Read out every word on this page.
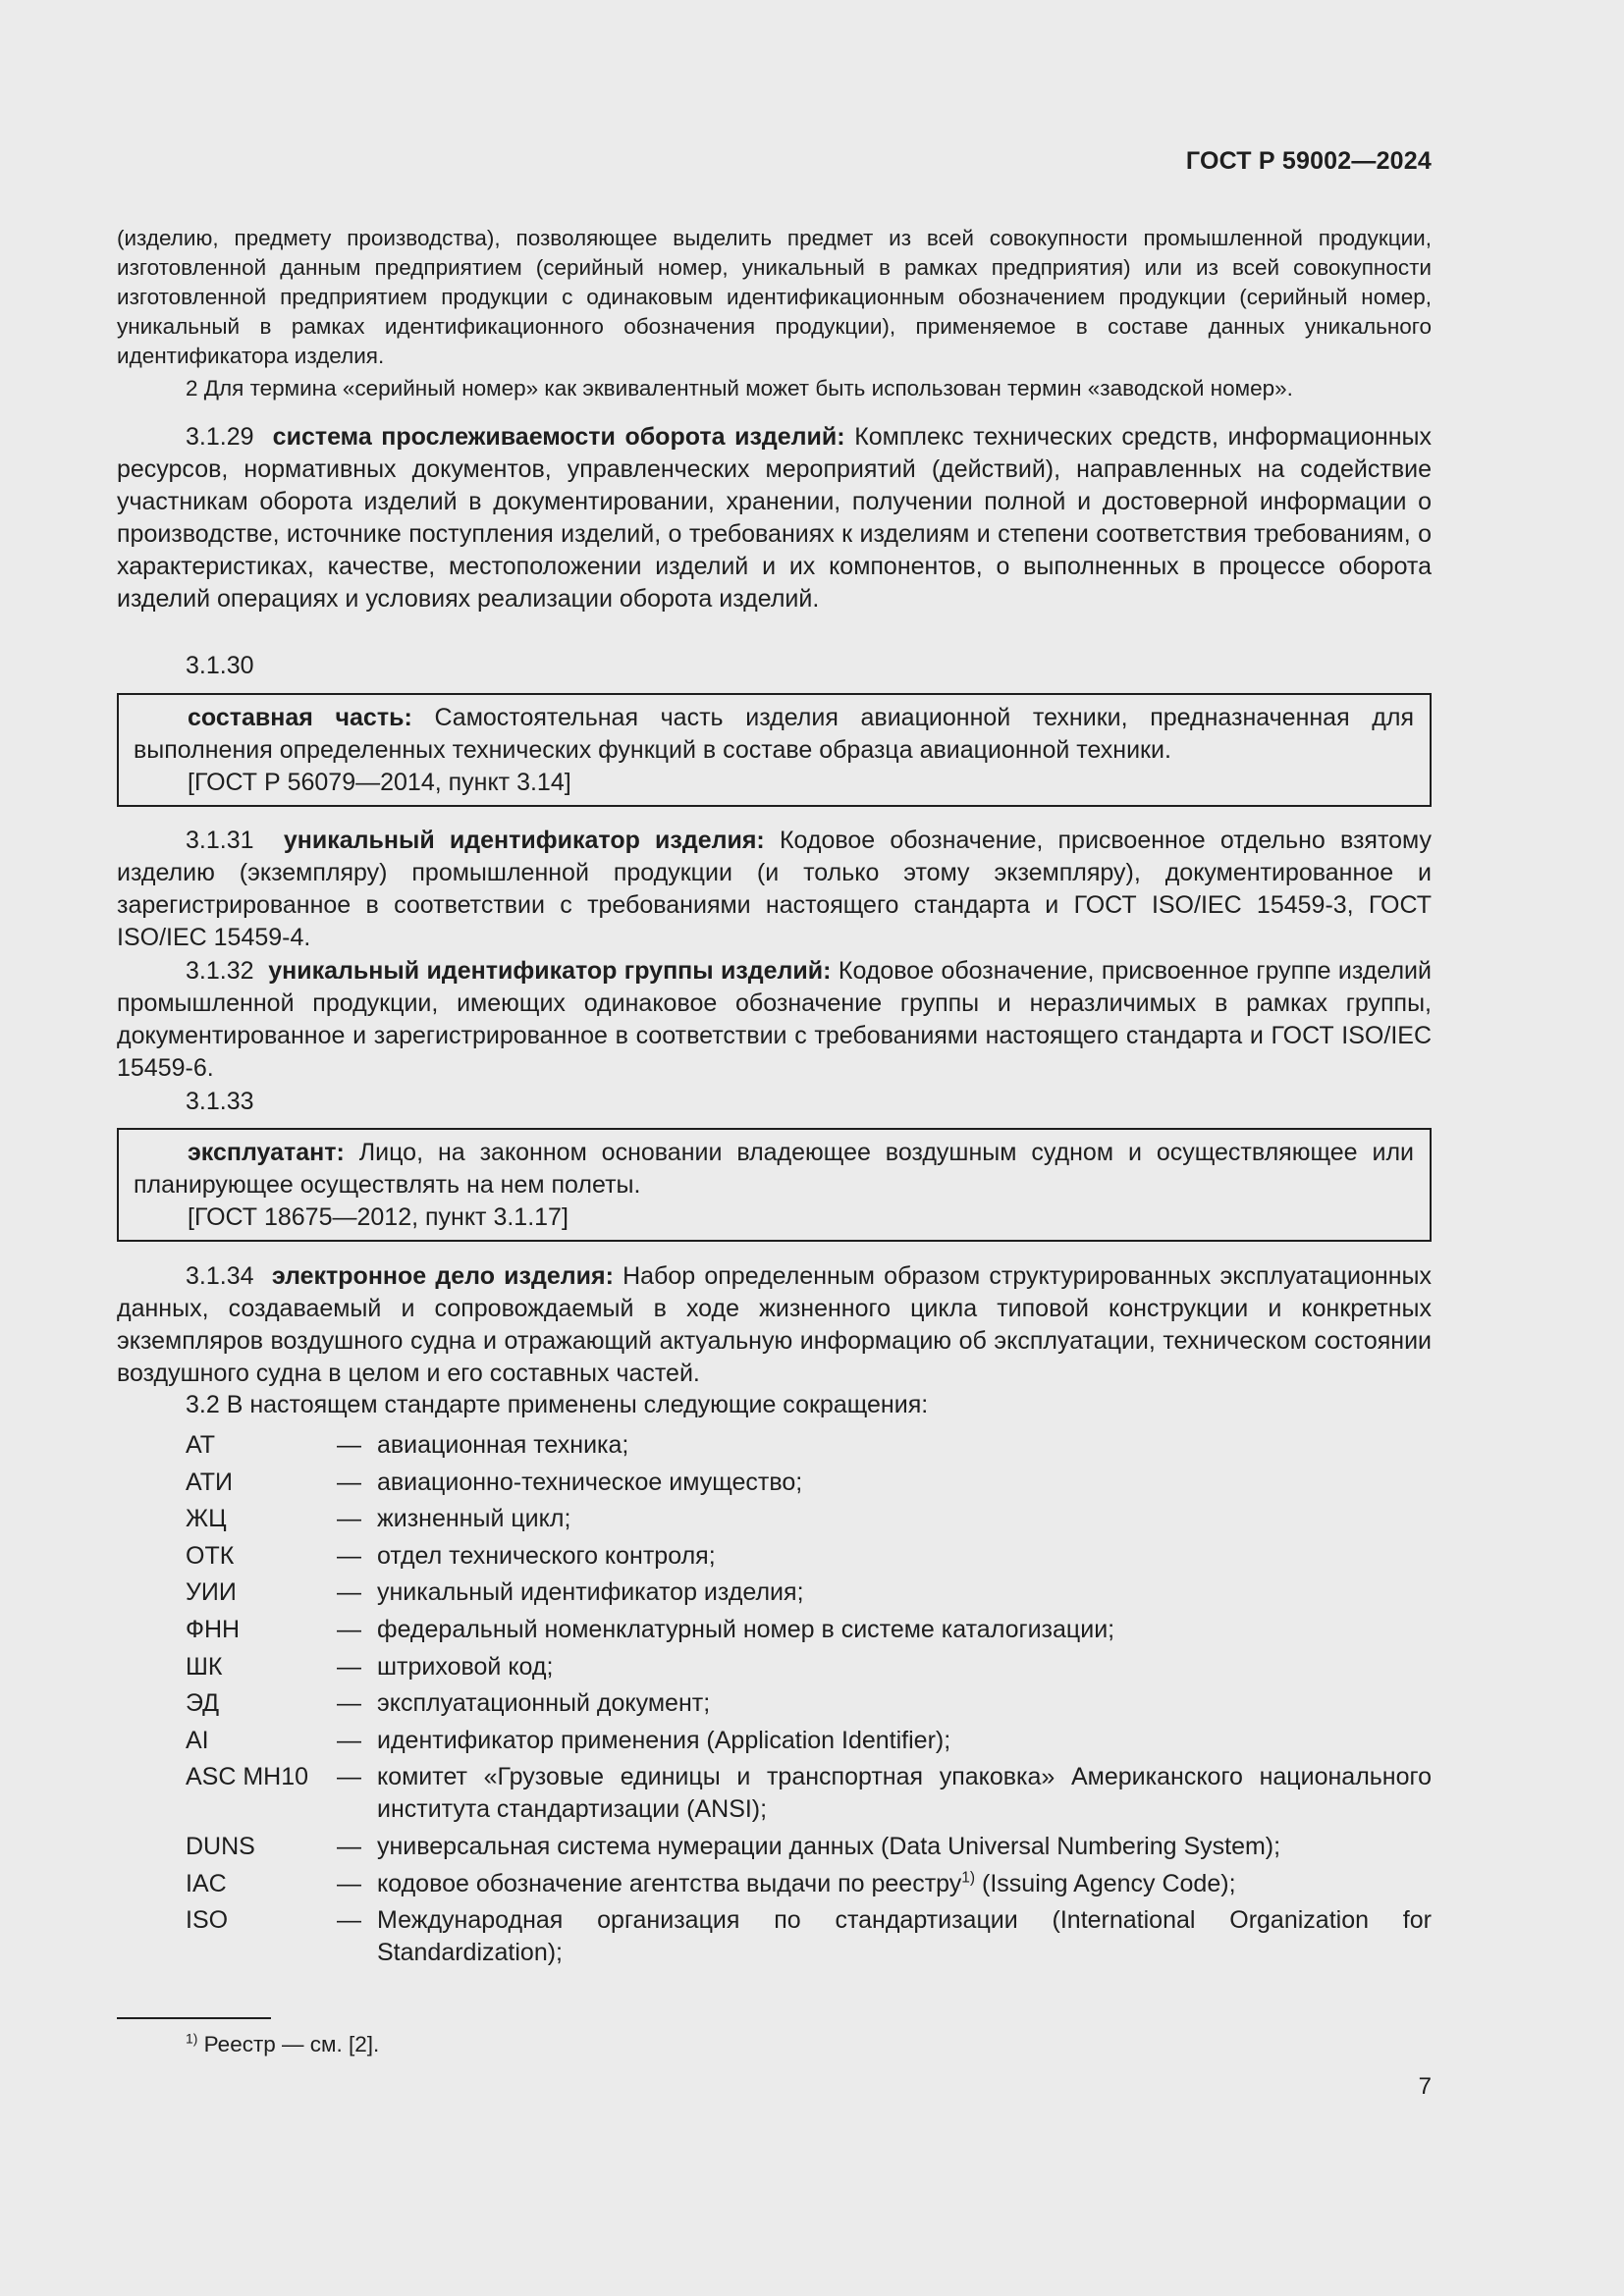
ГОСТ Р 59002—2024
(изделию, предмету производства), позволяющее выделить предмет из всей совокупности промышленной продукции, изготовленной данным предприятием (серийный номер, уникальный в рамках предприятия) или из всей совокупности изготовленной предприятием продукции с одинаковым идентификационным обозначением продукции (серийный номер, уникальный в рамках идентификационного обозначения продукции), применяемое в составе данных уникального идентификатора изделия.
2 Для термина «серийный номер» как эквивалентный может быть использован термин «заводской номер».
3.1.29 система прослеживаемости оборота изделий: Комплекс технических средств, информационных ресурсов, нормативных документов, управленческих мероприятий (действий), направленных на содействие участникам оборота изделий в документировании, хранении, получении полной и достоверной информации о производстве, источнике поступления изделий, о требованиях к изделиям и степени соответствия требованиям, о характеристиках, качестве, местоположении изделий и их компонентов, о выполненных в процессе оборота изделий операциях и условиях реализации оборота изделий.
3.1.30
составная часть: Самостоятельная часть изделия авиационной техники, предназначенная для выполнения определенных технических функций в составе образца авиационной техники.
[ГОСТ Р 56079—2014, пункт 3.14]
3.1.31 уникальный идентификатор изделия: Кодовое обозначение, присвоенное отдельно взятому изделию (экземпляру) промышленной продукции (и только этому экземпляру), документированное и зарегистрированное в соответствии с требованиями настоящего стандарта и ГОСТ ISO/IEC 15459-3, ГОСТ ISO/IEC 15459-4.
3.1.32 уникальный идентификатор группы изделий: Кодовое обозначение, присвоенное группе изделий промышленной продукции, имеющих одинаковое обозначение группы и неразличимых в рамках группы, документированное и зарегистрированное в соответствии с требованиями настоящего стандарта и ГОСТ ISO/IEC 15459-6.
3.1.33
эксплуатант: Лицо, на законном основании владеющее воздушным судном и осуществляющее или планирующее осуществлять на нем полеты.
[ГОСТ 18675—2012, пункт 3.1.17]
3.1.34 электронное дело изделия: Набор определенным образом структурированных эксплуатационных данных, создаваемый и сопровождаемый в ходе жизненного цикла типовой конструкции и конкретных экземпляров воздушного судна и отражающий актуальную информацию об эксплуатации, техническом состоянии воздушного судна в целом и его составных частей.
3.2 В настоящем стандарте применены следующие сокращения:
АТ	— авиационная техника;
АТИ	— авиационно-техническое имущество;
ЖЦ	— жизненный цикл;
ОТК	— отдел технического контроля;
УИИ	— уникальный идентификатор изделия;
ФНН	— федеральный номенклатурный номер в системе каталогизации;
ШК	— штриховой код;
ЭД	— эксплуатационный документ;
AI	— идентификатор применения (Application Identifier);
ASC MH10	— комитет «Грузовые единицы и транспортная упаковка» Американского национального института стандартизации (ANSI);
DUNS	— универсальная система нумерации данных (Data Universal Numbering System);
IAC	— кодовое обозначение агентства выдачи по реестру$^{1)}$ (Issuing Agency Code);
ISO	— Международная организация по стандартизации (International Organization for Standardization);
$^{1)}$ Реестр — см. [2].
7
